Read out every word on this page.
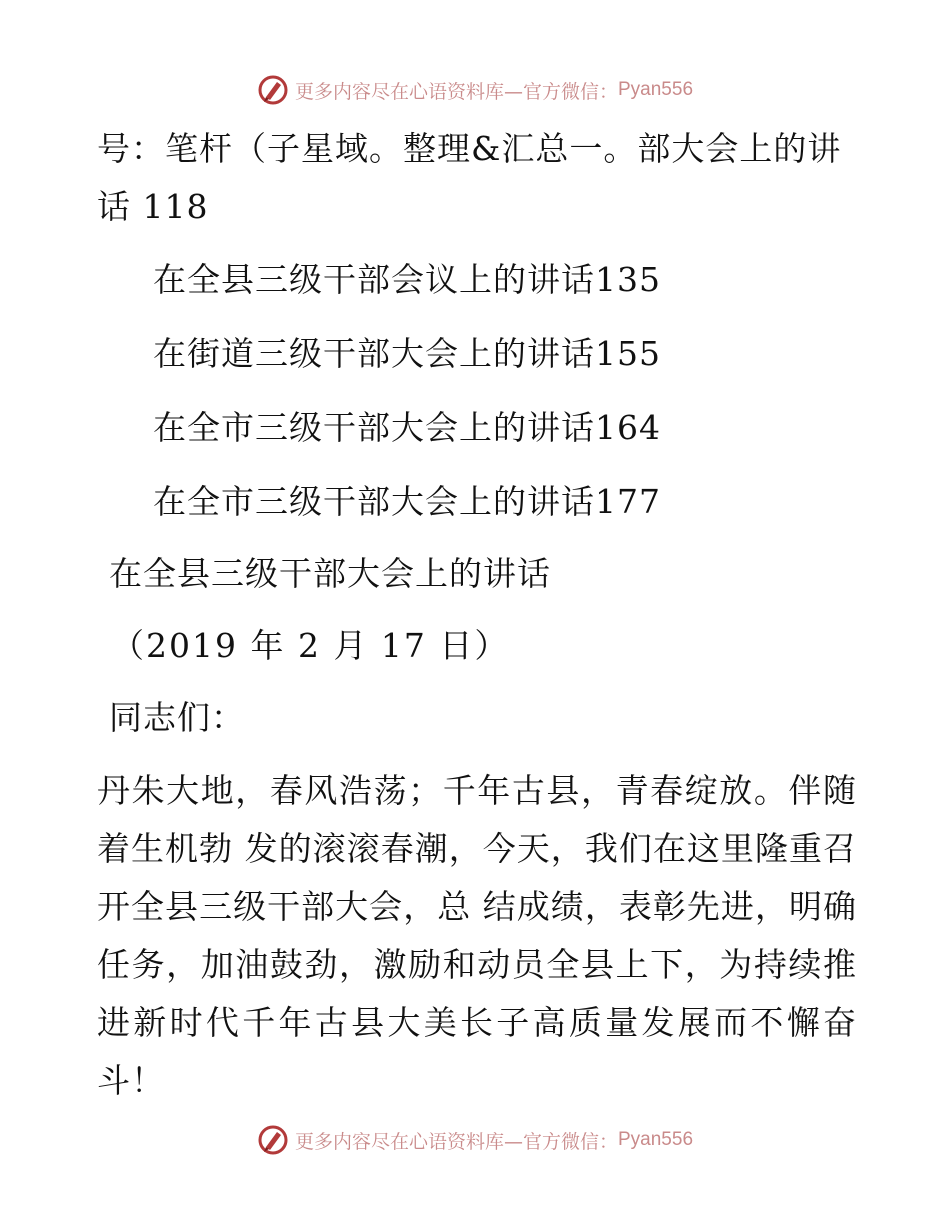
更多内容尽在心语资料库—官方微信： Pyan556

号：笔杆（子星域。整理&汇总一。部大会上的讲话 118

在全县三级干部会议上的讲话135

在街道三级干部大会上的讲话155

在全市三级干部大会上的讲话164

在全市三级干部大会上的讲话177

在全县三级干部大会上的讲话

（2019 年 2 月 17 日）

同志们：

丹朱大地，春风浩荡；千年古县，青春绽放。伴随着生机勃 发的滚滚春潮，今天，我们在这里隆重召开全县三级干部大会，总 结成绩，表彰先进，明确任务，加油鼓劲，激励和动员全县上下，为持续推进新时代千年古县大美长子高质量发展而不懈奋斗！

更多内容尽在心语资料库—官方微信： Pyan556
